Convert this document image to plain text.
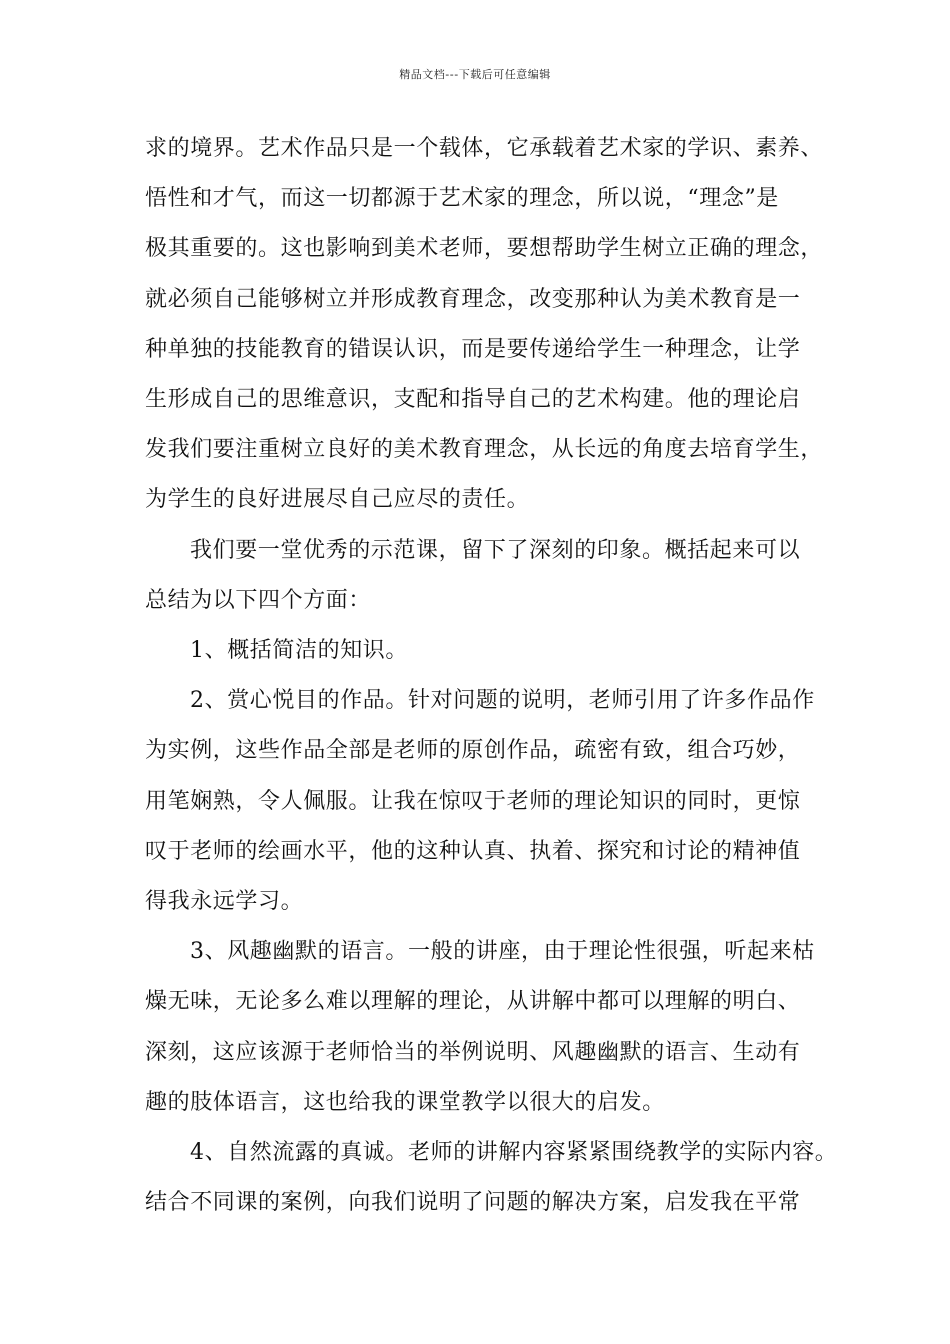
精品文档---下载后可任意编辑
求的境界。艺术作品只是一个载体，它承载着艺术家的学识、素养、
悟性和才气，而这一切都源于艺术家的理念，所以说，“理念”是
极其重要的。这也影响到美术老师，要想帮助学生树立正确的理念，
就必须自己能够树立并形成教育理念，改变那种认为美术教育是一
种单独的技能教育的错误认识，而是要传递给学生一种理念，让学
生形成自己的思维意识，支配和指导自己的艺术构建。他的理论启
发我们要注重树立良好的美术教育理念，从长远的角度去培育学生，
为学生的良好进展尽自己应尽的责任。
我们要一堂优秀的示范课，留下了深刻的印象。概括起来可以
总结为以下四个方面：
1、概括简洁的知识。
2、赏心悦目的作品。针对问题的说明，老师引用了许多作品作
为实例，这些作品全部是老师的原创作品，疏密有致，组合巧妙，
用笔娴熟，令人佩服。让我在惊叹于老师的理论知识的同时，更惊
叹于老师的绘画水平，他的这种认真、执着、探究和讨论的精神值
得我永远学习。
3、风趣幽默的语言。一般的讲座，由于理论性很强，听起来枯
燥无味，无论多么难以理解的理论，从讲解中都可以理解的明白、
深刻，这应该源于老师恰当的举例说明、风趣幽默的语言、生动有
趣的肢体语言，这也给我的课堂教学以很大的启发。
4、自然流露的真诚。老师的讲解内容紧紧围绕教学的实际内容。
结合不同课的案例，向我们说明了问题的解决方案，启发我在平常
